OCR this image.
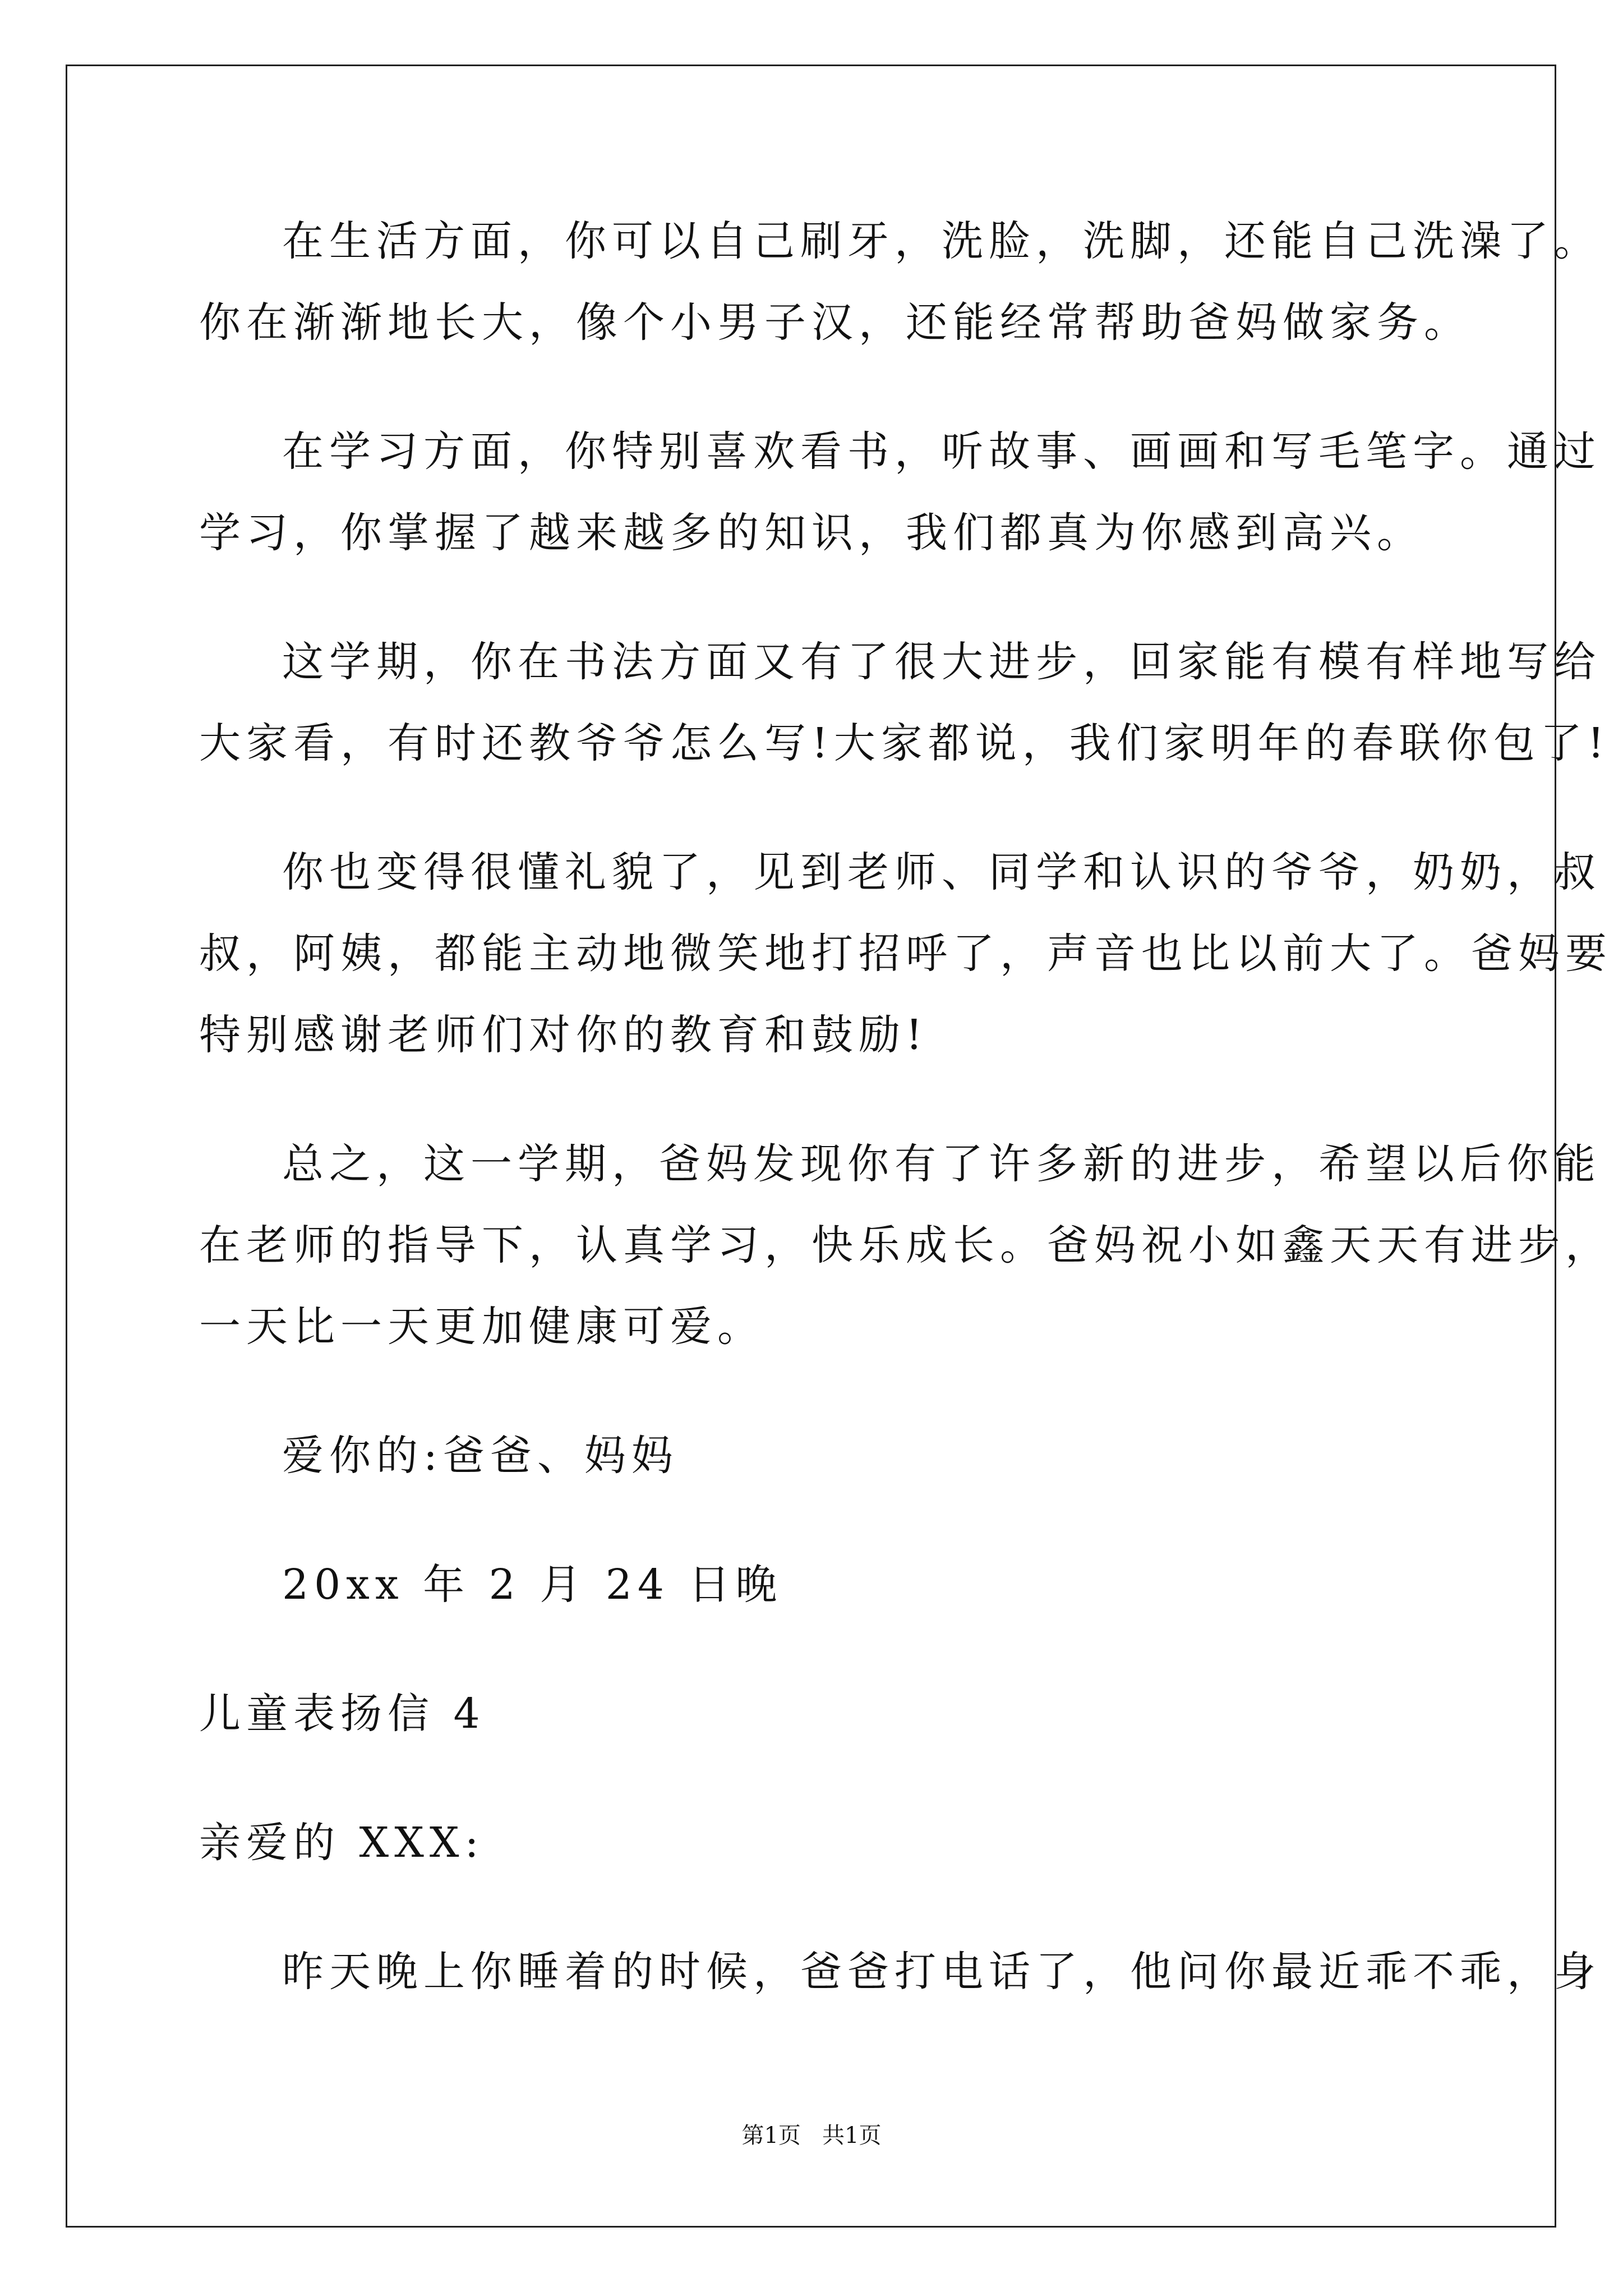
在生活方面，你可以自己刷牙，洗脸，洗脚，还能自己洗澡了。
你在渐渐地长大，像个小男子汉，还能经常帮助爸妈做家务。
在学习方面，你特别喜欢看书，听故事、画画和写毛笔字。通过
学习，你掌握了越来越多的知识，我们都真为你感到高兴。
这学期，你在书法方面又有了很大进步，回家能有模有样地写给
大家看，有时还教爷爷怎么写!大家都说，我们家明年的春联你包了!
你也变得很懂礼貌了，见到老师、同学和认识的爷爷，奶奶，叔
叔，阿姨，都能主动地微笑地打招呼了，声音也比以前大了。爸妈要
特别感谢老师们对你的教育和鼓励!
总之，这一学期，爸妈发现你有了许多新的进步，希望以后你能
在老师的指导下，认真学习，快乐成长。爸妈祝小如鑫天天有进步，
一天比一天更加健康可爱。
爱你的:爸爸、妈妈
20xx 年 2 月 24 日晚
儿童表扬信 4
亲爱的 XXX:
昨天晚上你睡着的时候，爸爸打电话了，他问你最近乖不乖，身
第1页   共1页
